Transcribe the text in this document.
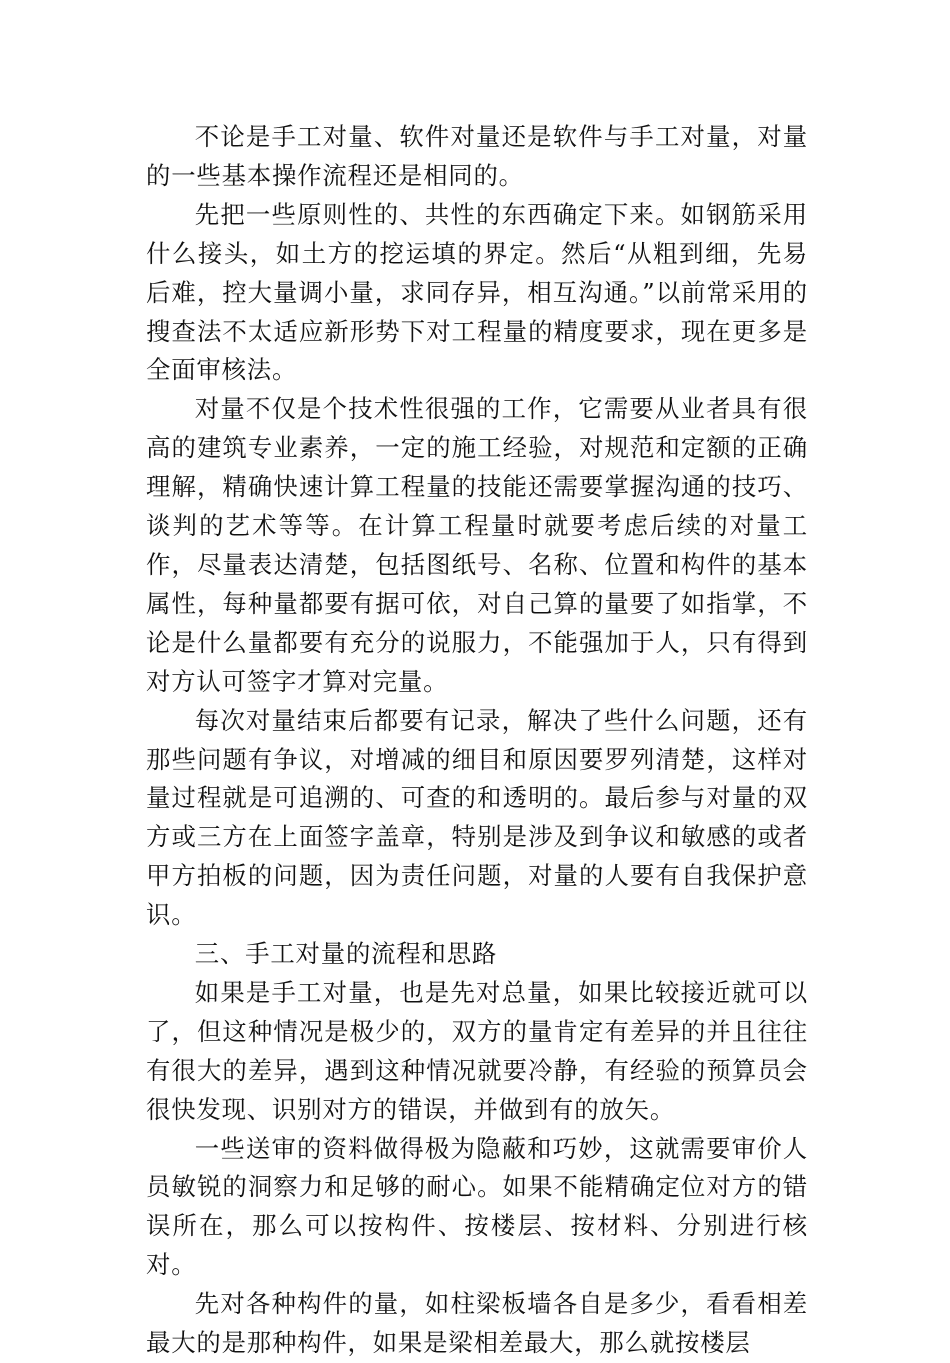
不论是手工对量、软件对量还是软件与手工对量，对量的一些基本操作流程还是相同的。

先把一些原则性的、共性的东西确定下来。如钢筋采用什么接头，如土方的挖运填的界定。然后“从粗到细，先易后难，控大量调小量，求同存异，相互沟通。”以前常采用的搜查法不太适应新形势下对工程量的精度要求，现在更多是全面审核法。

对量不仅是个技术性很强的工作，它需要从业者具有很高的建筑专业素养，一定的施工经验，对规范和定额的正确理解，精确快速计算工程量的技能还需要掌握沟通的技巧、谈判的艺术等等。在计算工程量时就要考虑后续的对量工作，尽量表达清楚，包括图纸号、名称、位置和构件的基本属性，每种量都要有据可依，对自己算的量要了如指掌，不论是什么量都要有充分的说服力，不能强加于人，只有得到对方认可签字才算对完量。

每次对量结束后都要有记录，解决了些什么问题，还有那些问题有争议，对增减的细目和原因要罗列清楚，这样对量过程就是可追溯的、可查的和透明的。最后参与对量的双方或三方在上面签字盖章，特别是涉及到争议和敏感的或者甲方拍板的问题，因为责任问题，对量的人要有自我保护意识。

三、手工对量的流程和思路

如果是手工对量，也是先对总量，如果比较接近就可以了，但这种情况是极少的，双方的量肯定有差异的并且往往有很大的差异，遇到这种情况就要冷静，有经验的预算员会很快发现、识别对方的错误，并做到有的放矢。

一些送审的资料做得极为隐蔽和巧妙，这就需要审价人员敏锐的洞察力和足够的耐心。如果不能精确定位对方的错误所在，那么可以按构件、按楼层、按材料、分别进行核对。

先对各种构件的量，如柱梁板墙各自是多少，看看相差最大的是那种构件，如果是梁相差最大，那么就按楼层
